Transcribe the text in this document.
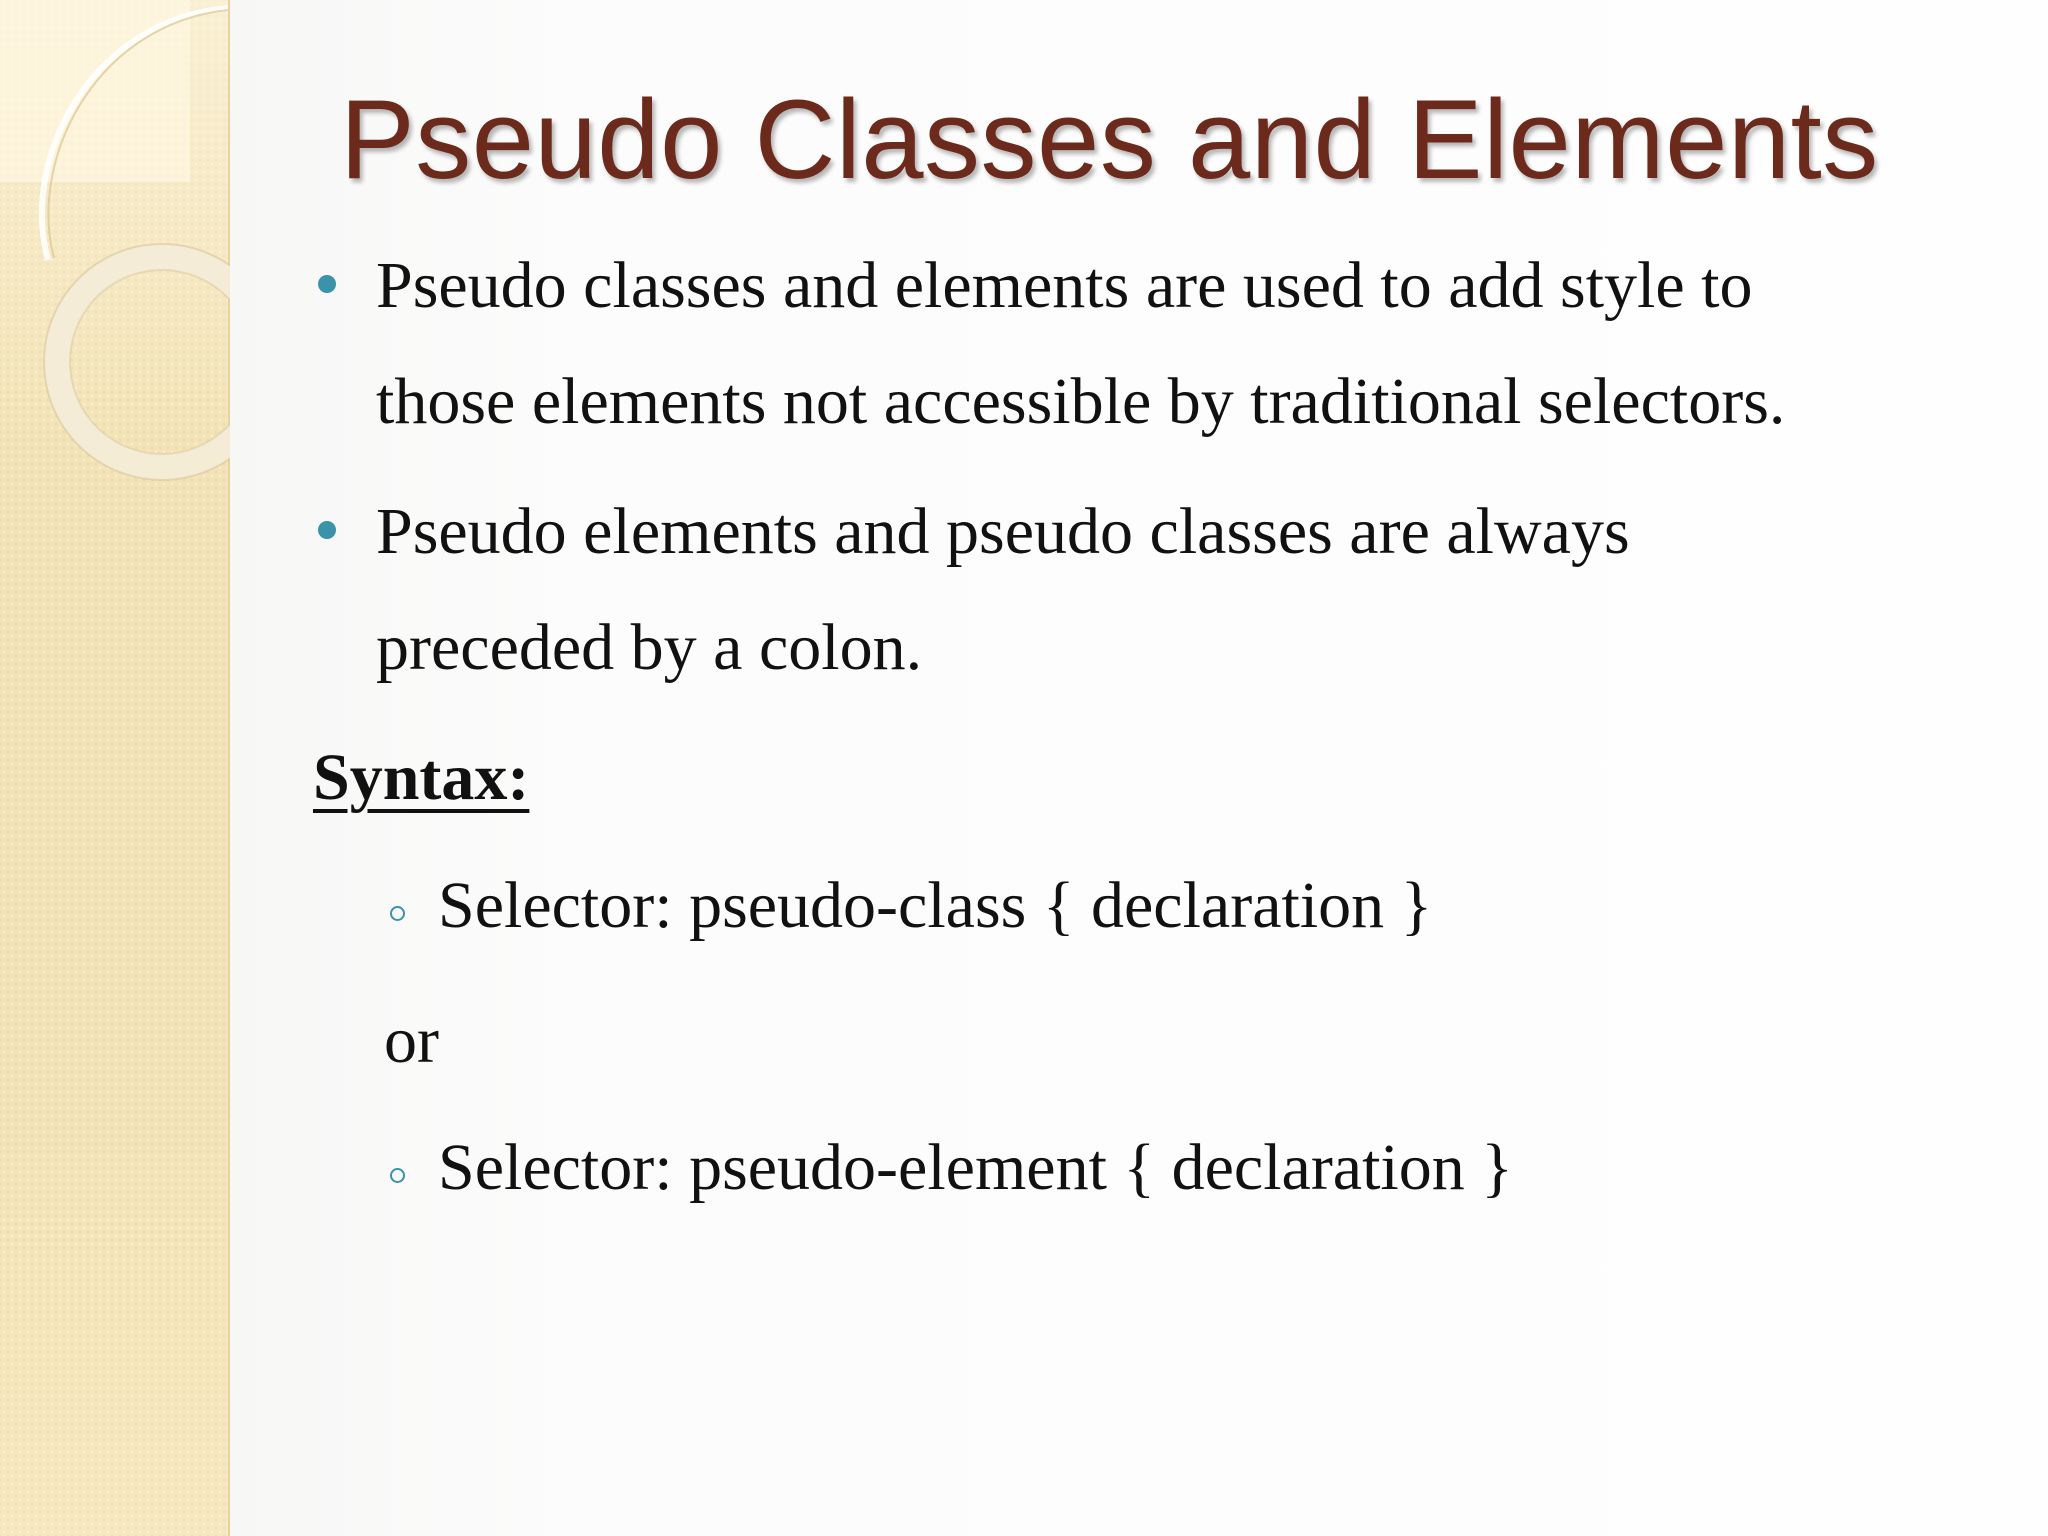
Pseudo Classes and Elements
Pseudo classes and elements are used to add style to
those elements not accessible by traditional selectors.
Pseudo elements and pseudo classes are always
preceded by a colon.
Syntax:
Selector: pseudo-class { declaration }
or
Selector: pseudo-element { declaration }
